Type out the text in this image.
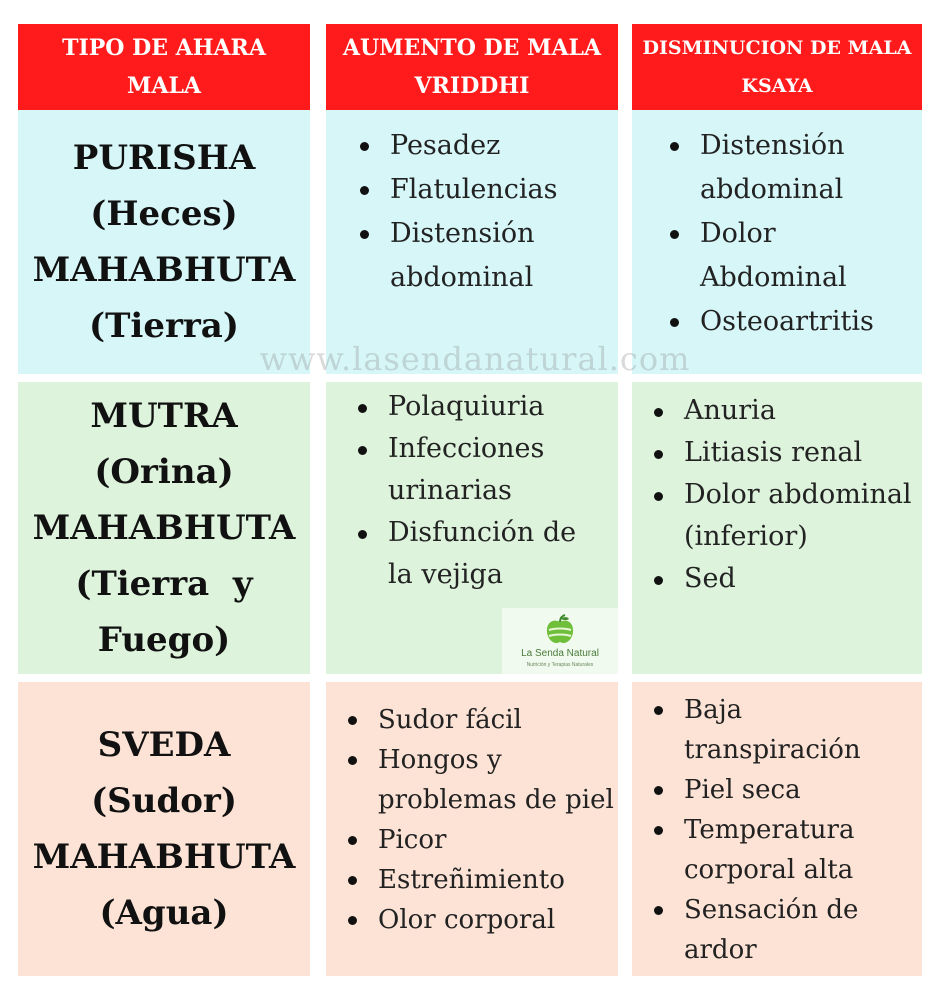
TIPO DE AHARA
MALA
AUMENTO DE MALA
VRIDDHI
DISMINUCION DE MALA
KSAYA
PURISHA
(Heces)
MAHABHUTA
(Tierra)
Pesadez
Flatulencias
Distensión
abdominal
Distensión
abdominal
Dolor
Abdominal
Osteoartritis
MUTRA
(Orina)
MAHABHUTA
(Tierra  y
Fuego)
Polaquiuria
Infecciones
urinarias
Disfunción de
la vejiga
Anuria
Litiasis renal
Dolor abdominal
(inferior)
Sed
SVEDA
(Sudor)
MAHABHUTA
(Agua)
Sudor fácil
Hongos y
problemas de piel
Picor
Estreñimiento
Olor corporal
Baja
transpiración
Piel seca
Temperatura
corporal alta
Sensación de
ardor
www.lasendanatural.com
La Senda Natural
Nutrición y Terapias Naturales
